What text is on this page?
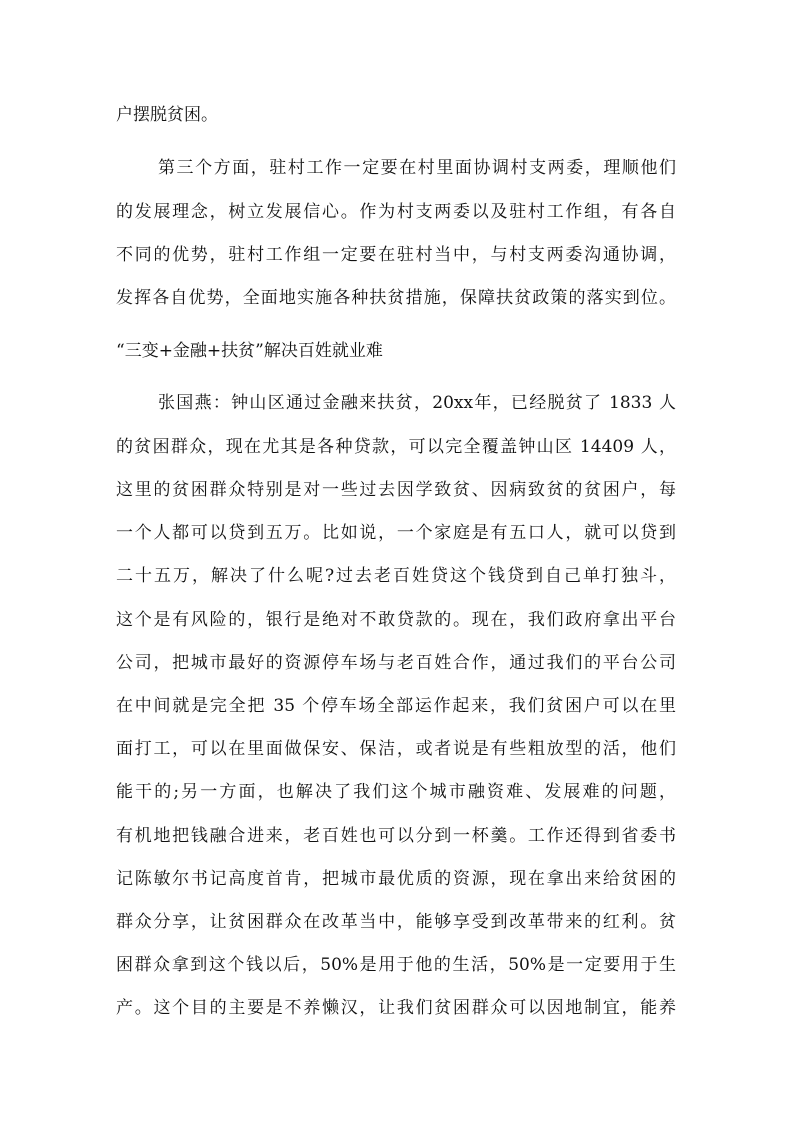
户摆脱贫困。
第三个方面，驻村工作一定要在村里面协调村支两委，理顺他们
的发展理念，树立发展信心。作为村支两委以及驻村工作组，有各自
不同的优势，驻村工作组一定要在驻村当中，与村支两委沟通协调，
发挥各自优势，全面地实施各种扶贫措施，保障扶贫政策的落实到位。
“三变+金融+扶贫”解决百姓就业难
张国燕：钟山区通过金融来扶贫，20xx年，已经脱贫了 1833 人
的贫困群众，现在尤其是各种贷款，可以完全覆盖钟山区 14409 人，
这里的贫困群众特别是对一些过去因学致贫、因病致贫的贫困户，每
一个人都可以贷到五万。比如说，一个家庭是有五口人，就可以贷到
二十五万，解决了什么呢?过去老百姓贷这个钱贷到自己单打独斗，
这个是有风险的，银行是绝对不敢贷款的。现在，我们政府拿出平台
公司，把城市最好的资源停车场与老百姓合作，通过我们的平台公司
在中间就是完全把 35 个停车场全部运作起来，我们贫困户可以在里
面打工，可以在里面做保安、保洁，或者说是有些粗放型的活，他们
能干的;另一方面，也解决了我们这个城市融资难、发展难的问题，
有机地把钱融合进来，老百姓也可以分到一杯羹。工作还得到省委书
记陈敏尔书记高度首肯，把城市最优质的资源，现在拿出来给贫困的
群众分享，让贫困群众在改革当中，能够享受到改革带来的红利。贫
困群众拿到这个钱以后，50%是用于他的生活，50%是一定要用于生
产。这个目的主要是不养懒汉，让我们贫困群众可以因地制宜，能养
